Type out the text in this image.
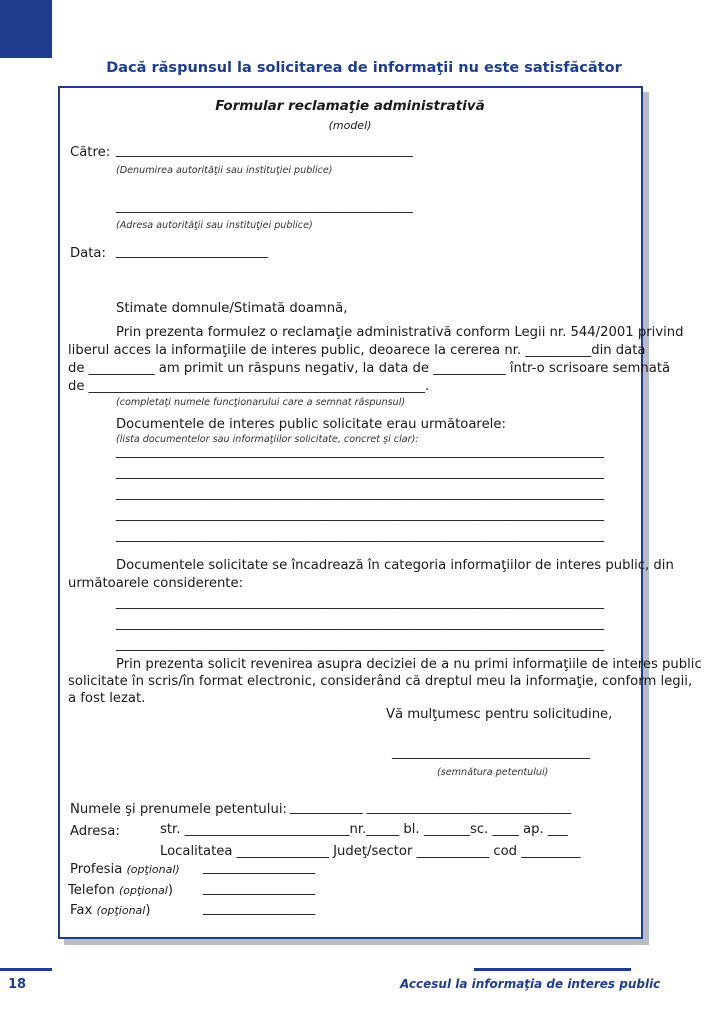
Dacă răspunsul la solicitarea de informaţii nu este satisfăcător
Formular reclamaţie administrativă
(model)
Către: _____________________________________________
(Denumirea autorităţii sau instituţiei publice)
_____________________________________________
(Adresa autorităţii sau instituţiei publice)
Data: _______________________
Stimate domnule/Stimată doamnă,
Prin prezenta formulez o reclamaţie administrativă conform Legii nr. 544/2001 privind
liberul acces la informaţiile de interes public, deoarece la cererea nr. __________din data
de __________ am primit un răspuns negativ, la data de ___________ într-o scrisoare semnată
de ___________________________________________________.
(completaţi numele funcţionarului care a semnat răspunsul)
Documentele de interes public solicitate erau următoarele:
(lista documentelor sau informaţiilor solicitate, concret şi clar):
__________________________________________________________________________
__________________________________________________________________________
__________________________________________________________________________
__________________________________________________________________________
__________________________________________________________________________
Documentele solicitate se încadrează în categoria informaţiilor de interes public, din
următoarele considerente:
__________________________________________________________________________
__________________________________________________________________________
__________________________________________________________________________
Prin prezenta solicit revenirea asupra deciziei de a nu primi informaţiile de interes public
solicitate în scris/în format electronic, considerând că dreptul meu la informaţie, conform legii,
a fost lezat.
Vă mulţumesc pentru solicitudine,
______________________________
(semnătura petentului)
Numele şi prenumele petentului: ___________ _______________________________
Adresa:	str. _________________________nr._____ bl. _______sc. ____ ap. ___
Localitatea ______________ Judeţ/sector ___________ cod _________
Profesia (opţional) _________________
Telefon (opţional) _________________
Fax (opţional)	_________________
18	Accesul la informaţia de interes public
